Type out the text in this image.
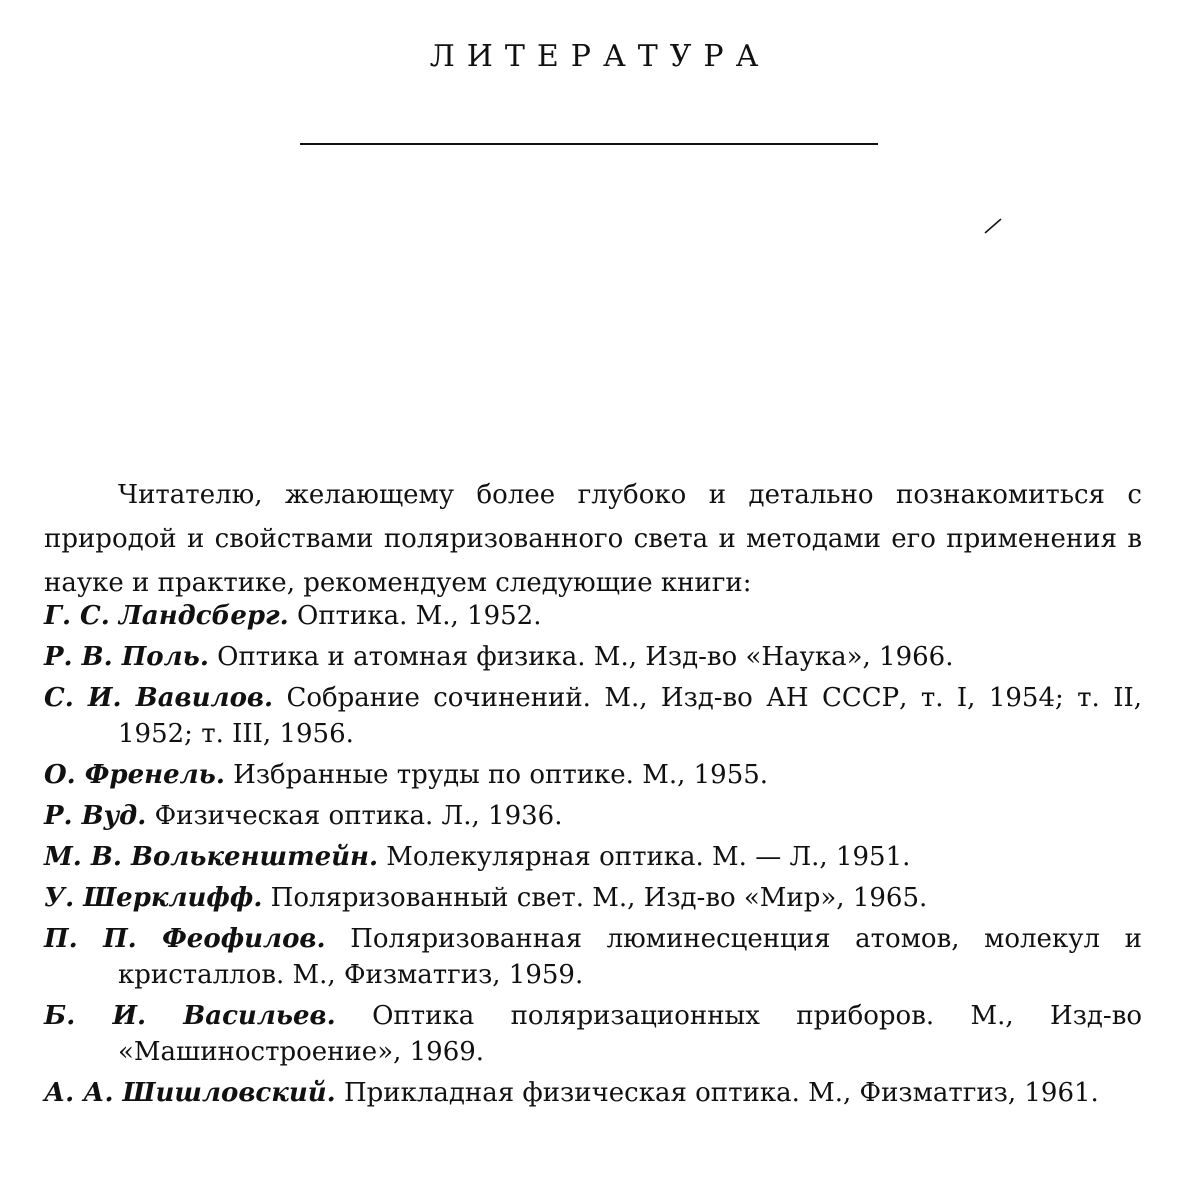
ЛИТЕРАТУРА

Читателю, желающему более глубоко и детально познакомиться с природой и свойствами поляризованного света и методами его применения в науке и практике, рекомендуем следующие книги:

Г. С. Ландсберг. Оптика. М., 1952.
Р. В. Поль. Оптика и атомная физика. М., Изд-во «Наука», 1966.
С. И. Вавилов. Собрание сочинений. М., Изд-во АН СССР, т. I, 1954; т. II, 1952; т. III, 1956.
О. Френель. Избранные труды по оптике. М., 1955.
Р. Вуд. Физическая оптика. Л., 1936.
М. В. Волькенштейн. Молекулярная оптика. М. — Л., 1951.
У. Шерклифф. Поляризованный свет. М., Изд-во «Мир», 1965.
П. П. Феофилов. Поляризованная люминесценция атомов, молекул и кристаллов. М., Физматгиз, 1959.
Б. И. Васильев. Оптика поляризационных приборов. М., Изд-во «Машиностроение», 1969.
А. А. Шишловский. Прикладная физическая оптика. М., Физматгиз, 1961.
